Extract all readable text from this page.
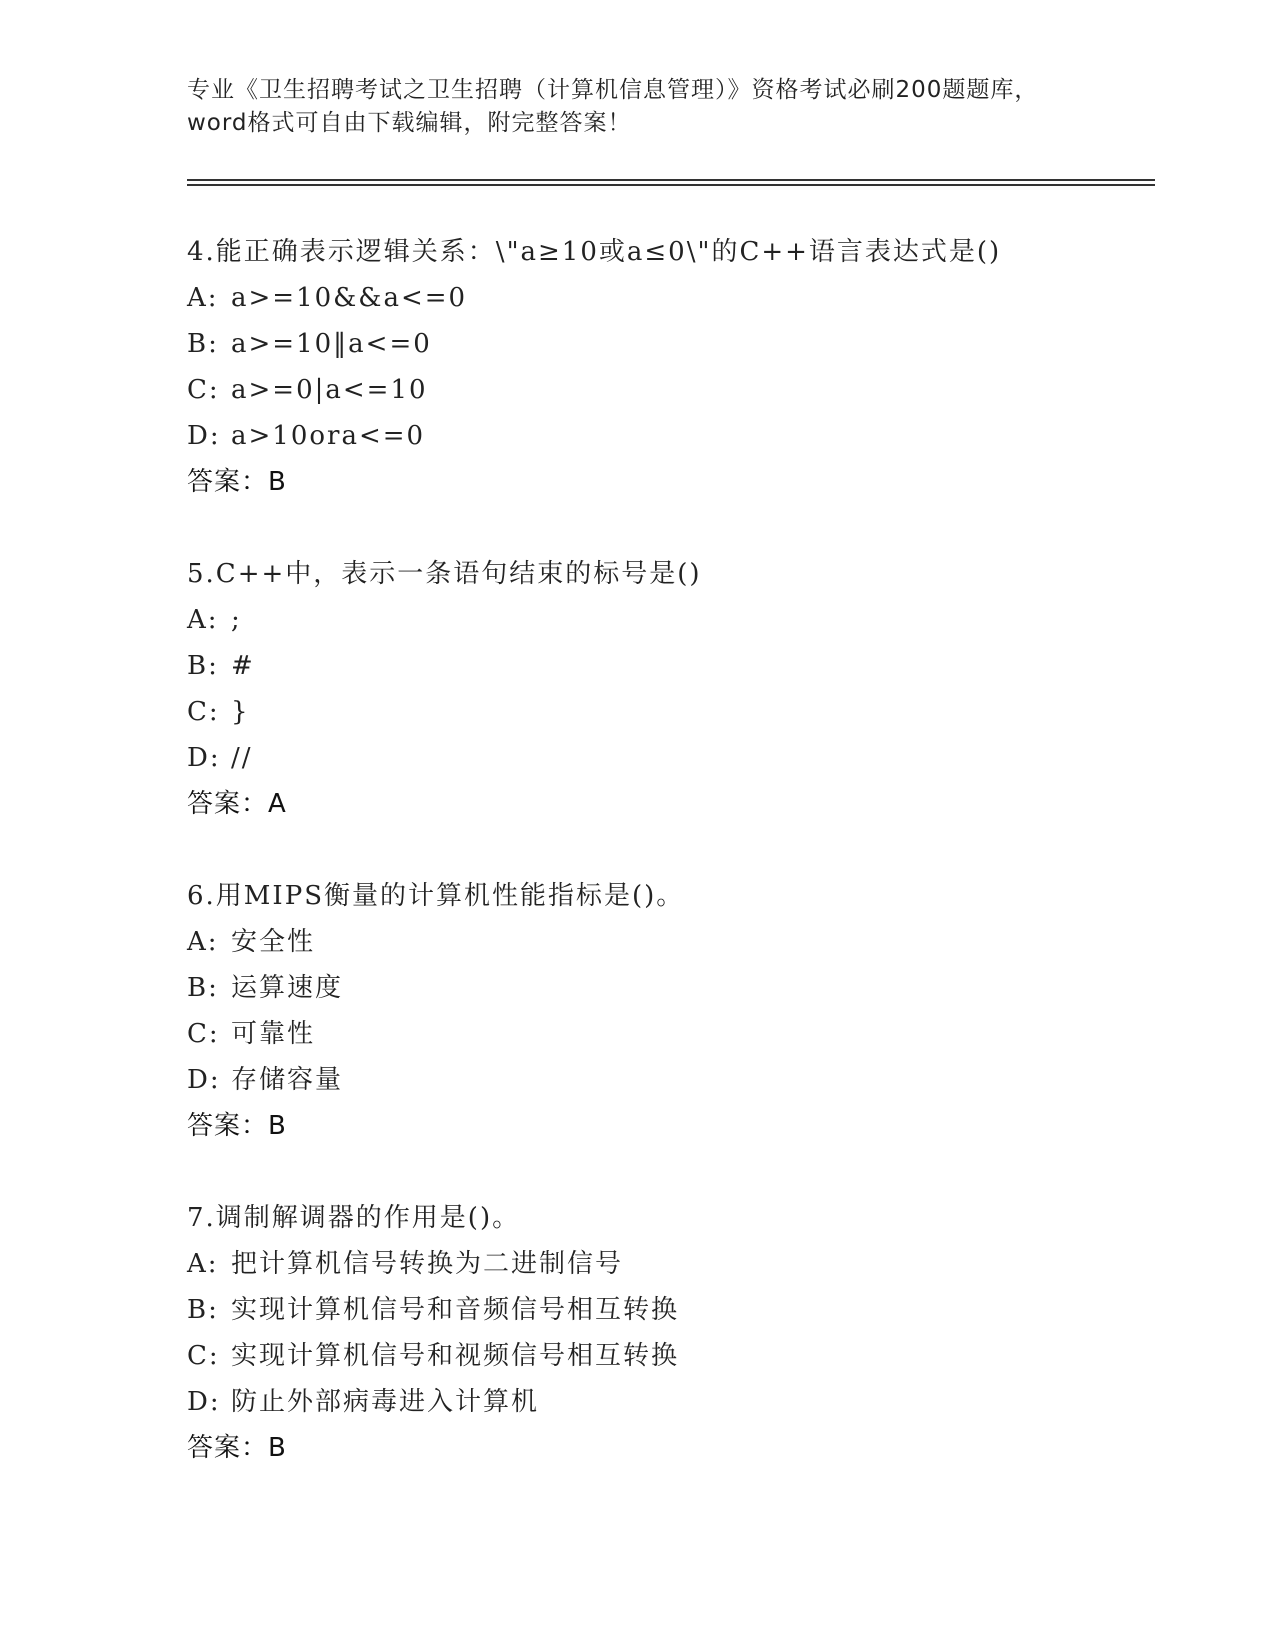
专业《卫生招聘考试之卫生招聘（计算机信息管理）》资格考试必刷200题题库，
word格式可自由下载编辑，附完整答案！
4.能正确表示逻辑关系：\"a≥10或a≤0\"的C++语言表达式是()
A: a>=10&&a<=0
B: a>=10‖a<=0
C: a>=0|a<=10
D: a>10ora<=0
答案：B
5.C++中，表示一条语句结束的标号是()
A: ;
B: #
C: }
D: //
答案：A
6.用MIPS衡量的计算机性能指标是()。
A: 安全性
B: 运算速度
C: 可靠性
D: 存储容量
答案：B
7.调制解调器的作用是()。
A: 把计算机信号转换为二进制信号
B: 实现计算机信号和音频信号相互转换
C: 实现计算机信号和视频信号相互转换
D: 防止外部病毒进入计算机
答案：B
